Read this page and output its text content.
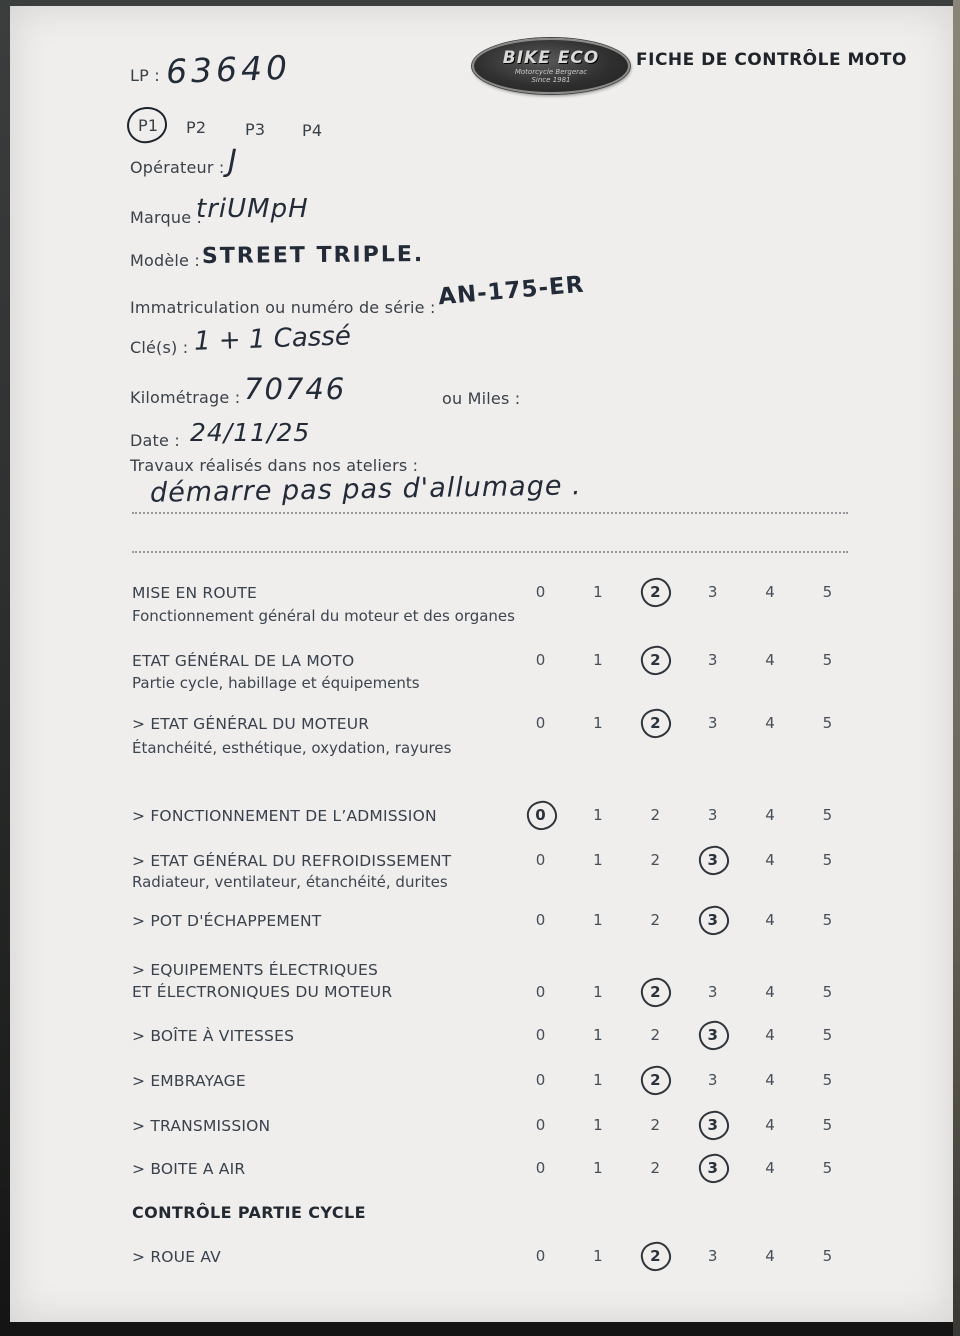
LP : 63640
P1 P2 P3 P4
BIKE ECO
Motorcycle Bergerac
Since 1981
FICHE DE CONTRÔLE MOTO
Opérateur : J
Marque :
triUMpH
Modèle : STREET TRIPLE.
Immatriculation ou numéro de série : AN-175-ER
Clé(s) : 1 + 1 Cassé
Kilométrage : 70746	ou Miles :
Date : 24/11/25
Travaux réalisés dans nos ateliers :
démarre pas pas d'allumage .
MISE EN ROUTE
Fonctionnement général du moteur et des organes
0	1	2	3	4	5
ETAT GÉNÉRAL DE LA MOTO
Partie cycle, habillage et équipements
0	1	2	3	4	5
> ETAT GÉNÉRAL DU MOTEUR
Étanchéité, esthétique, oxydation, rayures
0	1	2	3	4	5
> FONCTIONNEMENT DE L’ADMISSION	0	1	2	3	4	5
> ETAT GÉNÉRAL DU REFROIDISSEMENT
Radiateur, ventilateur, étanchéité, durites
0	1	2	3	4	5
> POT D'ÉCHAPPEMENT	0	1	2	3	4	5
> EQUIPEMENTS ÉLECTRIQUES
ET ÉLECTRONIQUES DU MOTEUR	0	1	2	3	4	5
> BOÎTE À VITESSES	0	1	2	3	4	5
> EMBRAYAGE	0	1	2	3	4	5
> TRANSMISSION	0	1	2	3	4	5
> BOITE A AIR	0	1	2	3	4	5
CONTRÔLE PARTIE CYCLE
> ROUE AV	0	1	2	3	4	5
